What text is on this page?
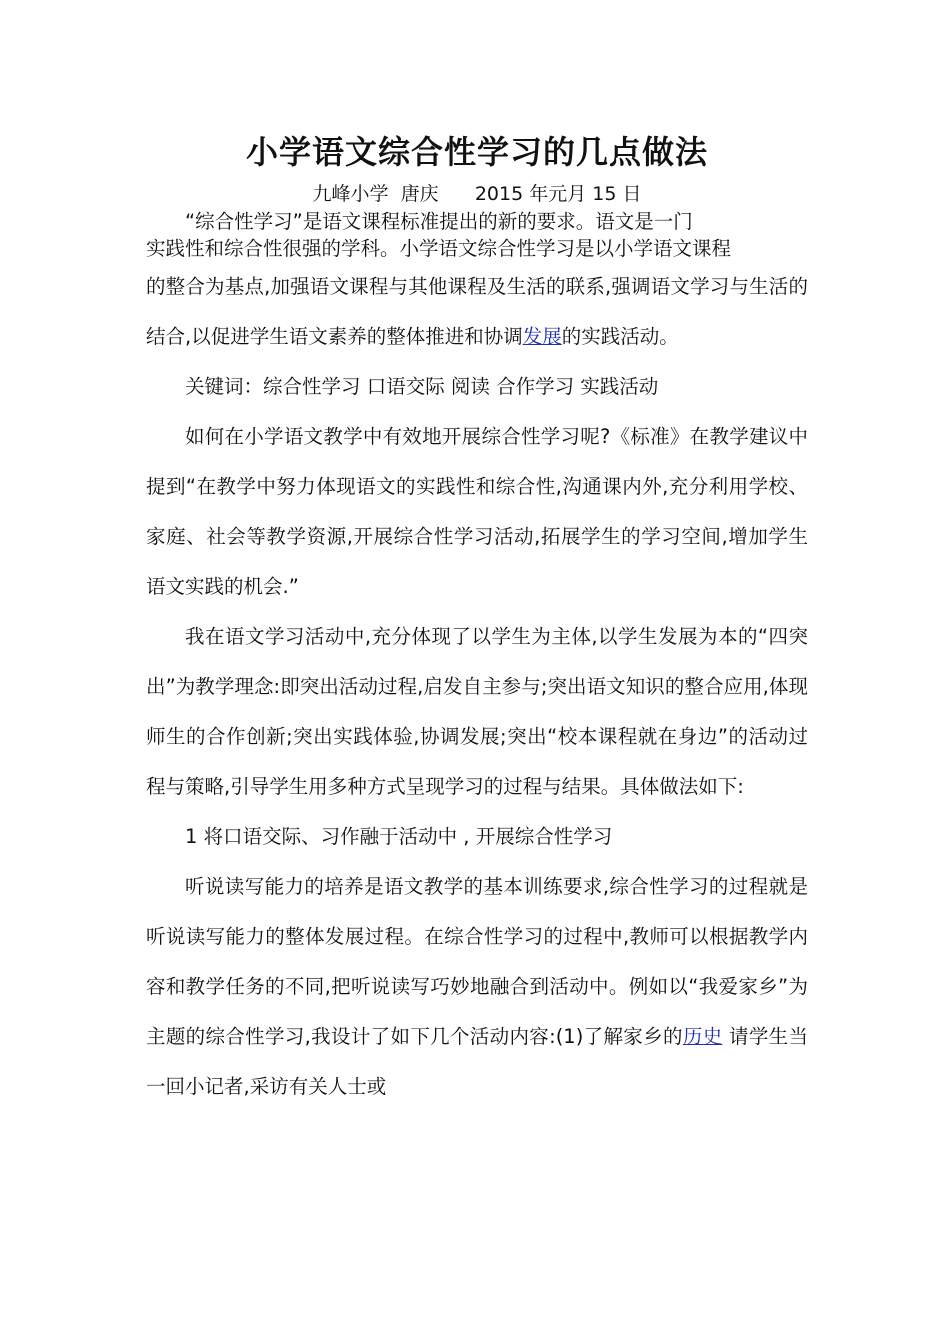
小学语文综合性学习的几点做法

九峰小学  唐庆      2015 年元月 15 日

“综合性学习”是语文课程标准提出的新的要求。语文是一门

实践性和综合性很强的学科。小学语文综合性学习是以小学语文课程

的整合为基点,加强语文课程与其他课程及生活的联系,强调语文学习与生活的结合,以促进学生语文素养的整体推进和协调发展的实践活动。

关键词：综合性学习 口语交际 阅读 合作学习 实践活动

如何在小学语文教学中有效地开展综合性学习呢?《标准》在教学建议中提到“在教学中努力体现语文的实践性和综合性,沟通课内外,充分利用学校、家庭、社会等教学资源,开展综合性学习活动,拓展学生的学习空间,增加学生语文实践的机会.”

我在语文学习活动中,充分体现了以学生为主体,以学生发展为本的“四突出”为教学理念:即突出活动过程,启发自主参与;突出语文知识的整合应用,体现师生的合作创新;突出实践体验,协调发展;突出“校本课程就在身边”的活动过程与策略,引导学生用多种方式呈现学习的过程与结果。具体做法如下:

1 将口语交际、习作融于活动中 , 开展综合性学习

听说读写能力的培养是语文教学的基本训练要求,综合性学习的过程就是听说读写能力的整体发展过程。在综合性学习的过程中,教师可以根据教学内容和教学任务的不同,把听说读写巧妙地融合到活动中。例如以“我爱家乡”为主题的综合性学习,我设计了如下几个活动内容:(1)了解家乡的历史 请学生当一回小记者,采访有关人士或
